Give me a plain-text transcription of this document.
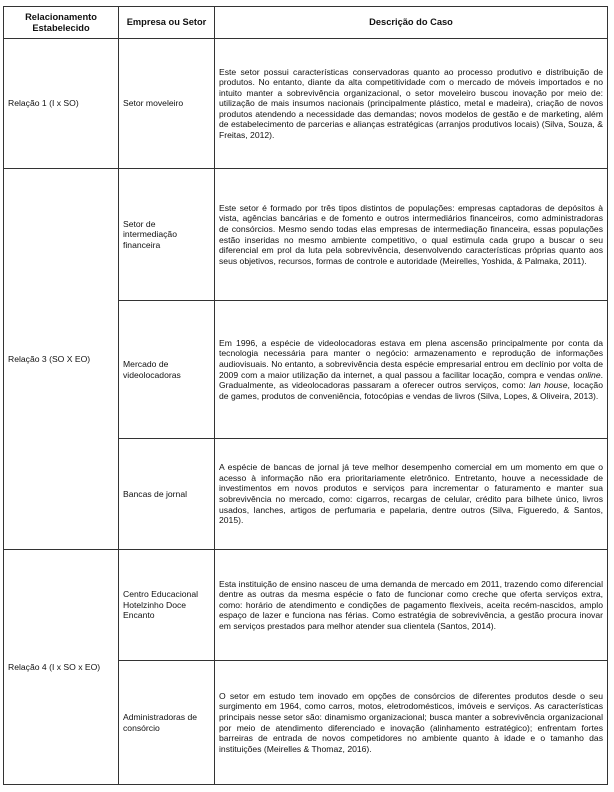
Relacionamento Estabelecido	Empresa ou Setor	Descrição do Caso
Relação 1 (I x SO)	Setor moveleiro	Este setor possui características conservadoras quanto ao processo produtivo e distribuição de produtos. No entanto, diante da alta competitividade com o mercado de móveis importados e no intuito manter a sobrevivência organizacional, o setor moveleiro buscou inovação por meio de: utilização de mais insumos nacionais (principalmente plástico, metal e madeira), criação de novos produtos atendendo a necessidade das demandas; novos modelos de gestão e de marketing, além de estabelecimento de parcerias e alianças estratégicas (arranjos produtivos locais) (Silva, Souza, & Freitas, 2012).
Relação 3 (SO X EO)	Setor de intermediação financeira	Este setor é formado por três tipos distintos de populações: empresas captadoras de depósitos à vista, agências bancárias e de fomento e outros intermediários financeiros, como administradoras de consórcios. Mesmo sendo todas elas empresas de intermediação financeira, essas populações estão inseridas no mesmo ambiente competitivo, o qual estimula cada grupo a buscar o seu diferencial em prol da luta pela sobrevivência, desenvolvendo características próprias quanto aos seus objetivos, recursos, formas de controle e autoridade (Meirelles, Yoshida, & Palmaka, 2011).
	Mercado de videolocadoras	Em 1996, a espécie de videolocadoras estava em plena ascensão principalmente por conta da tecnologia necessária para manter o negócio: armazenamento e reprodução de informações audiovisuais. No entanto, a sobrevivência desta espécie empresarial entrou em declínio por volta de 2009 com a maior utilização da internet, a qual passou a facilitar locação, compra e vendas online. Gradualmente, as videolocadoras passaram a oferecer outros serviços, como: lan house, locação de games, produtos de conveniência, fotocópias e vendas de livros (Silva, Lopes, & Oliveira, 2013).
	Bancas de jornal	A espécie de bancas de jornal já teve melhor desempenho comercial em um momento em que o acesso à informação não era prioritariamente eletrônico. Entretanto, houve a necessidade de investimentos em novos produtos e serviços para incrementar o faturamento e manter sua sobrevivência no mercado, como: cigarros, recargas de celular, crédito para bilhete único, livros usados, lanches, artigos de perfumaria e papelaria, dentre outros (Silva, Figueredo, & Santos, 2015).
Relação 4 (I x SO x EO)	Centro Educacional Hotelzinho Doce Encanto	Esta instituição de ensino nasceu de uma demanda de mercado em 2011, trazendo como diferencial dentre as outras da mesma espécie o fato de funcionar como creche que oferta serviços extra, como: horário de atendimento e condições de pagamento flexíveis, aceita recém-nascidos, amplo espaço de lazer e funciona nas férias. Como estratégia de sobrevivência, a gestão procura inovar em serviços prestados para melhor atender sua clientela (Santos, 2014).
	Administradoras de consórcio	O setor em estudo tem inovado em opções de consórcios de diferentes produtos desde o seu surgimento em 1964, como carros, motos, eletrodomésticos, imóveis e serviços. As características principais nesse setor são: dinamismo organizacional; busca manter a sobrevivência organizacional por meio de atendimento diferenciado e inovação (alinhamento estratégico); enfrentam fortes barreiras de entrada de novos competidores no ambiente quanto à idade e o tamanho das instituições (Meirelles & Thomaz, 2016).
